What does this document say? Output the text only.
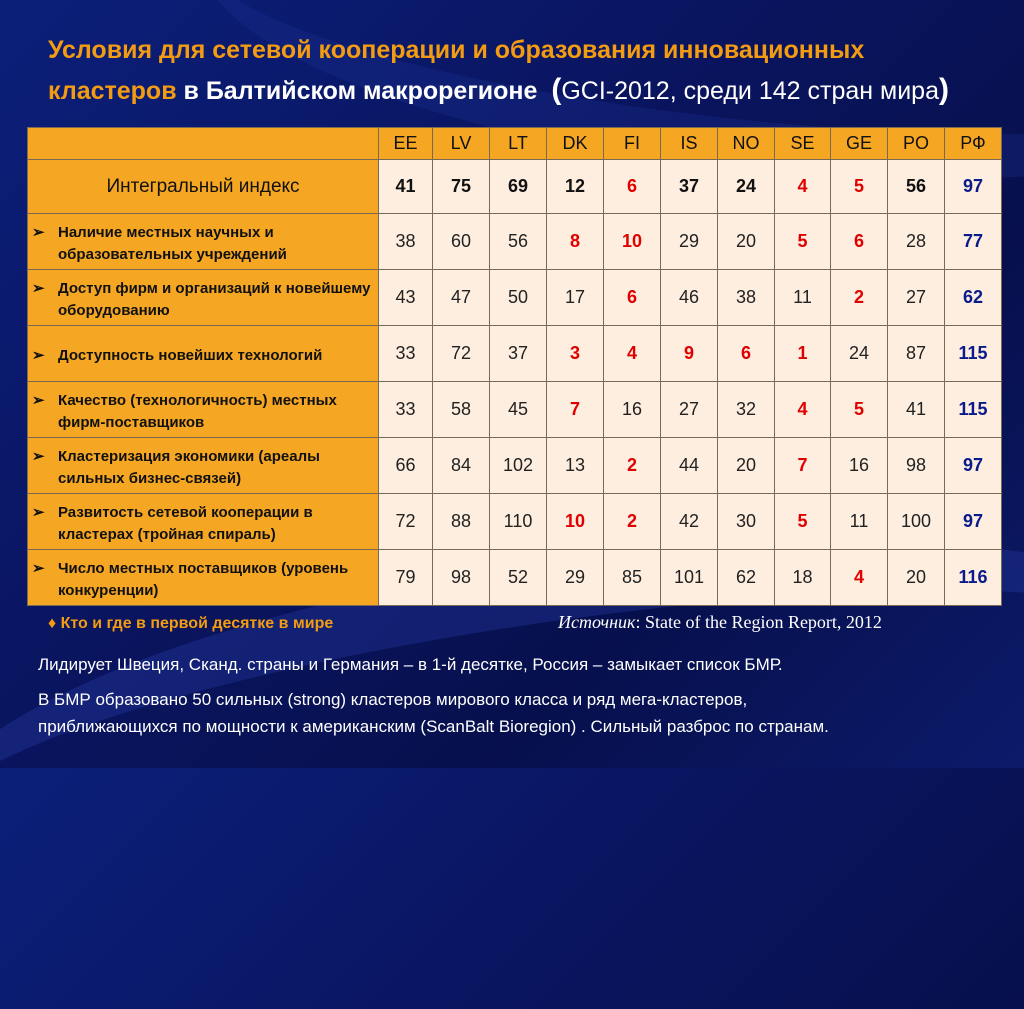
Условия для сетевой кооперации и образования инновационных
кластеров в Балтийском макрорегионе (GCI-2012, среди 142 стран мира)
	EE	LV	LT	DK	FI	IS	NO	SE	GE	PO	РФ

Интегральный индекс	41	75	69	12	6	37	24	4	5	56	97

➢ Наличие местных научных и образовательных учреждений	38	60	56	8	10	29	20	5	6	28	77

➢ Доступ фирм и организаций к новейшему оборудованию	43	47	50	17	6	46	38	11	2	27	62

➢ Доступность новейших технологий	33	72	37	3	4	9	6	1	24	87	115

➢ Качество (технологичность) местных фирм-поставщиков	33	58	45	7	16	27	32	4	5	41	115

➢ Кластеризация экономики (ареалы сильных бизнес-связей)	66	84	102	13	2	44	20	7	16	98	97

➢ Развитость сетевой кооперации в кластерах (тройная спираль)	72	88	110	10	2	42	30	5	11	100	97

➢ Число местных поставщиков (уровень конкуренции)	79	98	52	29	85	101	62	18	4	20	116
♦ Кто и где в первой десятке в мире	Источник: State of the Region Report, 2012
Лидирует Швеция, Сканд. страны и Германия – в 1-й десятке, Россия – замыкает список БМР.
В БМР образовано 50 сильных (strong) кластеров мирового класса и ряд мега-кластеров,
приближающихся по мощности к американским (ScanBalt Bioregion) . Сильный разброс по странам.
